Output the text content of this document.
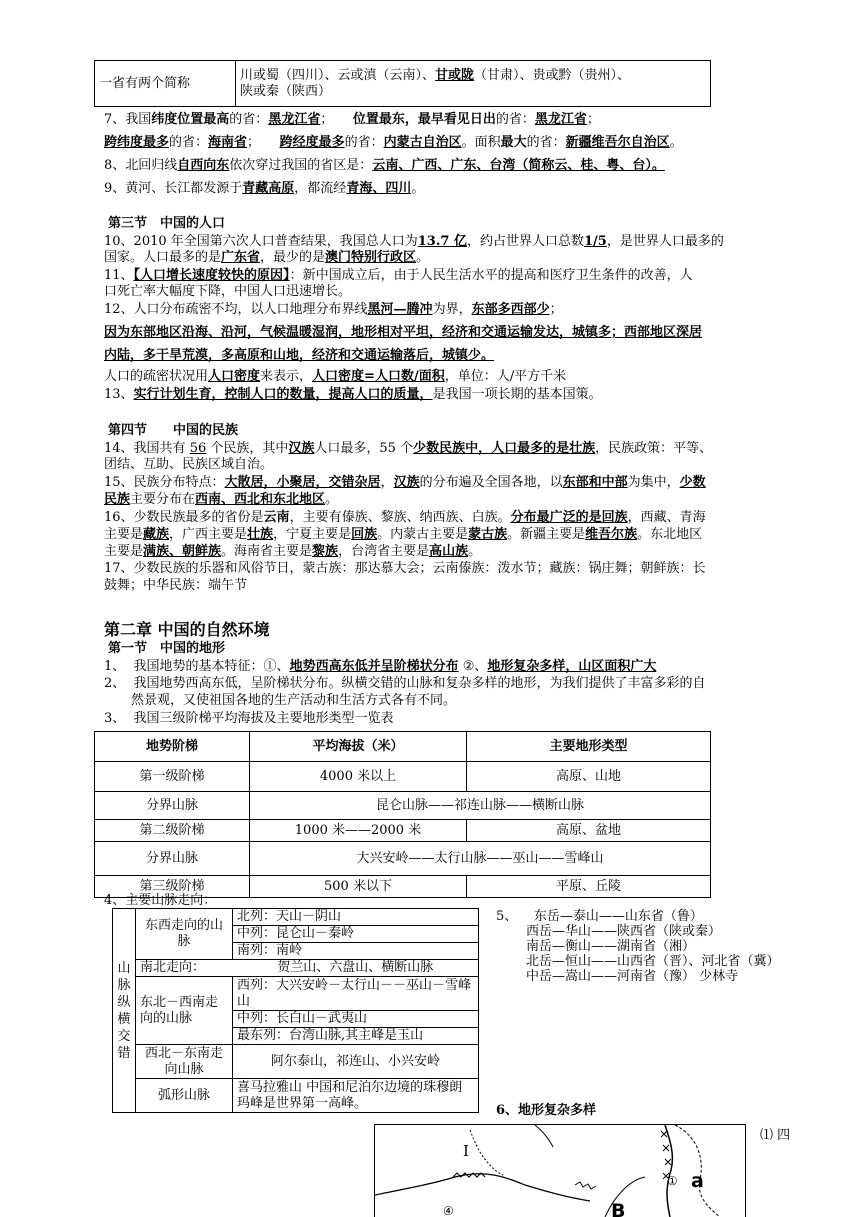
一省有两个简称	川或蜀（四川）、云或滇（云南）、甘或陇（甘肃）、贵或黔（贵州）、
陕或秦（陕西）
7、我国纬度位置最高的省：黑龙江省；　　 位置最东，最早看见日出的省：黑龙江省；
跨纬度最多的省：海南省；　　 跨经度最多的省：内蒙古自治区。面积最大的省：新疆维吾尔自治区。
8、北回归线自西向东依次穿过我国的省区是：云南、广西、广东、台湾（简称云、桂、粤、台）。
9、黄河、长江都发源于青藏高原，都流经青海、四川。
第三节　中国的人口
10、2010 年全国第六次人口普查结果，我国总人口为13.7 亿，约占世界人口总数1/5，是世界人口最多的
国家。人口最多的是广东省，最少的是澳门特别行政区。
11、【人口增长速度较快的原因】：新中国成立后，由于人民生活水平的提高和医疗卫生条件的改善，人
口死亡率大幅度下降，中国人口迅速增长。
12、人口分布疏密不均，以人口地理分布界线黑河—腾冲为界，东部多西部少；
因为东部地区沿海、沿河，气候温暖湿润，地形相对平坦，经济和交通运输发达，城镇多；西部地区深居
内陆，多干旱荒漠，多高原和山地，经济和交通运输落后，城镇少。
人口的疏密状况用人口密度来表示，人口密度=人口数/面积，单位：人/平方千米
13、实行计划生育，控制人口的数量，提高人口的质量，是我国一项长期的基本国策。
第四节　　中国的民族
14、我国共有 56 个民族，其中汉族人口最多，55 个少数民族中，人口最多的是壮族，民族政策：平等、
团结、互助、民族区域自治。
15、民族分布特点：大散居，小聚居，交错杂居，汉族的分布遍及全国各地，以东部和中部为集中，少数
民族主要分布在西南、西北和东北地区。
16、少数民族最多的省份是云南，主要有傣族、黎族、纳西族、白族。分布最广泛的是回族，西藏、青海
主要是藏族，广西主要是壮族，宁夏主要是回族。内蒙古主要是蒙古族。新疆主要是维吾尔族。东北地区
主要是满族、朝鲜族。海南省主要是黎族，台湾省主要是高山族。
17、少数民族的乐器和风俗节日，蒙古族：那达慕大会；云南傣族：泼水节；藏族：锅庄舞；朝鲜族：长
鼓舞；中华民族：端午节
第二章 中国的自然环境
第一节　中国的地形
1、 我国地势的基本特征：①、地势西高东低并呈阶梯状分布 ②、地形复杂多样，山区面积广大
2、 我国地势西高东低，呈阶梯状分布。纵横交错的山脉和复杂多样的地形，为我们提供了丰富多彩的自
然景观，又使祖国各地的生产活动和生活方式各有不同。
3、 我国三级阶梯平均海拔及主要地形类型一览表
地势阶梯	平均海拔（米）	主要地形类型
第一级阶梯	4000 米以上	高原、山地
分界山脉	昆仑山脉——祁连山脉——横断山脉	
第二级阶梯	1000 米——2000 米	高原、盆地
分界山脉	大兴安岭——太行山脉——巫山——雪峰山	
第三级阶梯	500 米以下	平原、丘陵
4、主要山脉走向：
山脉纵横交错	东西走向的山脉	北列：天山－阴山
		中列：昆仑山－秦岭
		南列：南岭
	南北走向：	贺兰山、六盘山、横断山脉
	东北－西南走向的山脉	西列：大兴安岭－太行山－－巫山－雪峰山
		中列：长白山－武夷山
		最东列：台湾山脉,其主峰是玉山
	西北－东南走向山脉	阿尔泰山，祁连山、小兴安岭
	弧形山脉	喜马拉雅山 中国和尼泊尔边境的珠穆朗玛峰是世界第一高峰。
5、 东岳—泰山——山东省（鲁）
西岳—华山——陕西省（陕或秦）
南岳—衡山——湖南省（湘）
北岳—恒山——山西省（晋）、河北省（冀）
中岳—嵩山——河南省（豫） 少林寺
6、地形复杂多样
⑴ 四
Ⅰ
④
① a
B
